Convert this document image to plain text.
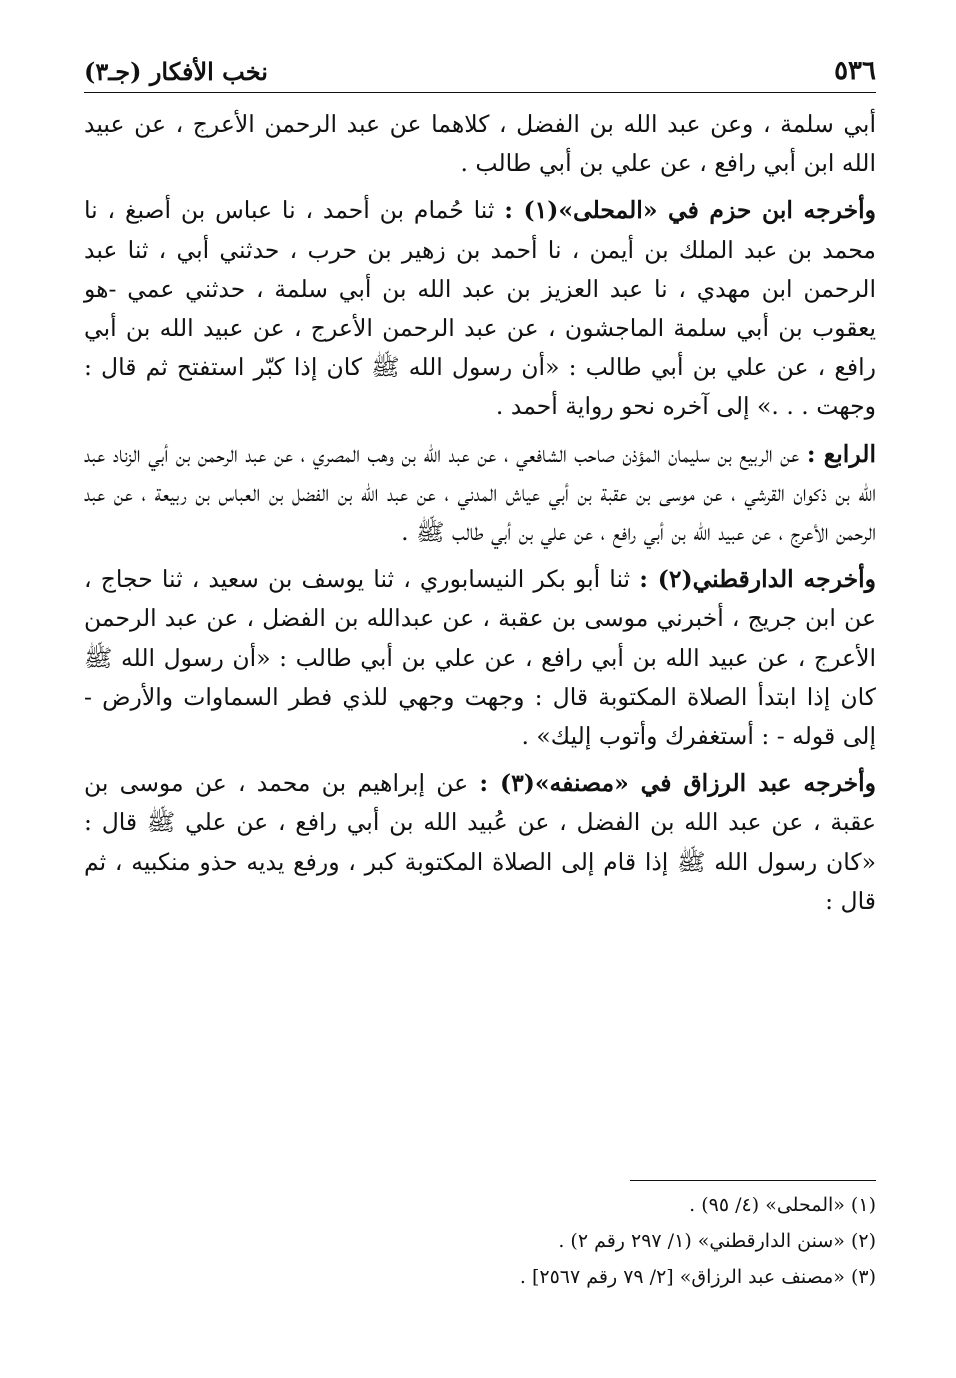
٥٣٦
نخب الأفكار (جـ٣)

أبي سلمة ، وعن عبد الله بن الفضل ، كلاهما عن عبد الرحمن الأعرج ، عن عبيد الله ابن أبي رافع ، عن علي بن أبي طالب .

وأخرجه ابن حزم في «المحلى»(١) : ثنا حُمام بن أحمد ، نا عباس بن أصبغ ، نا محمد بن عبد الملك بن أيمن ، نا أحمد بن زهير بن حرب ، حدثني أبي ، ثنا عبد الرحمن ابن مهدي ، نا عبد العزيز بن عبد الله بن أبي سلمة ، حدثني عمي -هو يعقوب بن أبي سلمة الماجشون ، عن عبد الرحمن الأعرج ، عن عبيد الله بن أبي رافع ، عن علي بن أبي طالب : «أن رسول الله ﷺ كان إذا كبّر استفتح ثم قال : وجهت . . .» إلى آخره نحو رواية أحمد .

الرابع : عن الربيع بن سليمان المؤذن صاحب الشافعي ، عن عبد الله بن وهب المصري ، عن عبد الرحمن بن أبي الزناد عبد الله بن ذكوان القرشي ، عن موسى بن عقبة بن أبي عياش المدني ، عن عبد الله بن الفضل بن العباس بن ربيعة ، عن عبد الرحمن الأعرج ، عن عبيد الله بن أبي رافع ، عن علي بن أبي طالب ﷺ .

وأخرجه الدارقطني(٢) : ثنا أبو بكر النيسابوري ، ثنا يوسف بن سعيد ، ثنا حجاج ، عن ابن جريج ، أخبرني موسى بن عقبة ، عن عبدالله بن الفضل ، عن عبد الرحمن الأعرج ، عن عبيد الله بن أبي رافع ، عن علي بن أبي طالب : «أن رسول الله ﷺ كان إذا ابتدأ الصلاة المكتوبة قال : وجهت وجهي للذي فطر السماوات والأرض - إلى قوله - : أستغفرك وأتوب إليك» .

وأخرجه عبد الرزاق في «مصنفه»(٣) : عن إبراهيم بن محمد ، عن موسى بن عقبة ، عن عبد الله بن الفضل ، عن عُبيد الله بن أبي رافع ، عن علي ﷺ قال : «كان رسول الله ﷺ إذا قام إلى الصلاة المكتوبة كبر ، ورفع يديه حذو منكبيه ، ثم قال :

(١) «المحلى» (٤/ ٩٥) .

(٢) «سنن الدارقطني» (١/ ٢٩٧ رقم ٢) .

(٣) «مصنف عبد الرزاق» [٢/ ٧٩ رقم ٢٥٦٧] .
